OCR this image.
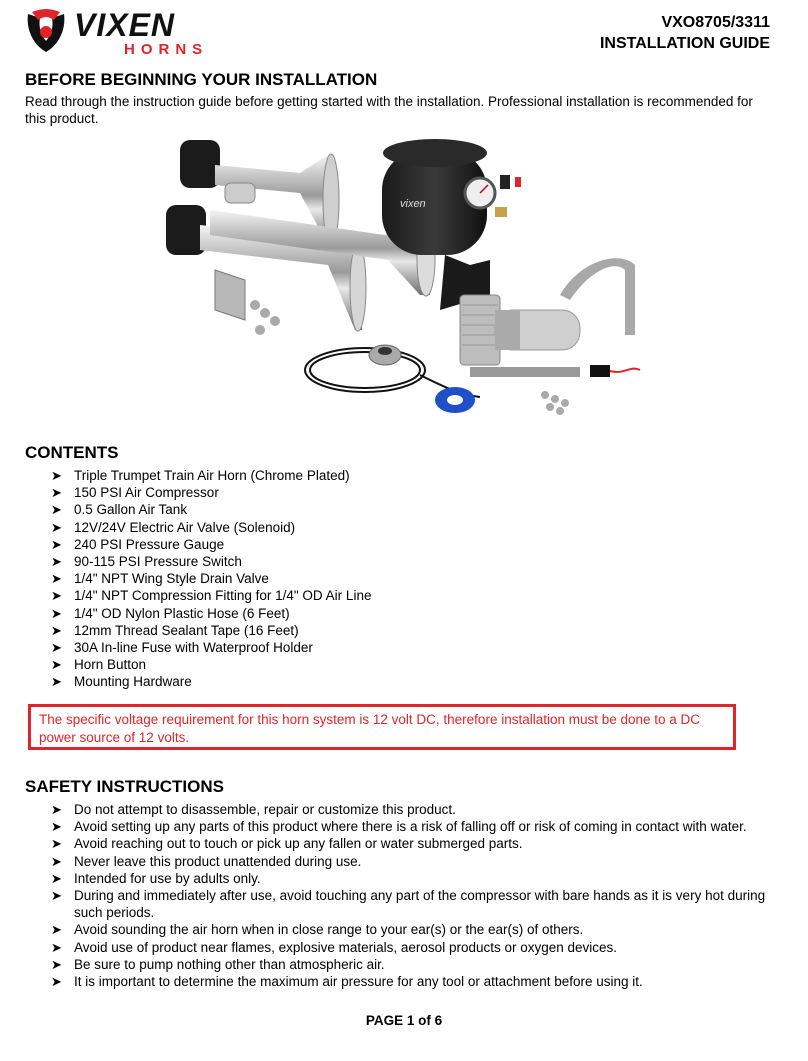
VIXEN
HORNS
VXO8705/3311
INSTALLATION GUIDE
BEFORE BEGINNING YOUR INSTALLATION

Read through the instruction guide before getting started with the installation. Professional installation is recommended for this product.

vixen
CONTENTS
➤ Triple Trumpet Train Air Horn (Chrome Plated)
➤ 150 PSI Air Compressor
➤ 0.5 Gallon Air Tank
➤ 12V/24V Electric Air Valve (Solenoid)
➤ 240 PSI Pressure Gauge
➤ 90-115 PSI Pressure Switch
➤ 1/4" NPT Wing Style Drain Valve
➤ 1/4" NPT Compression Fitting for 1/4" OD Air Line
➤ 1/4" OD Nylon Plastic Hose (6 Feet)
➤ 12mm Thread Sealant Tape (16 Feet)
➤ 30A In-line Fuse with Waterproof Holder
➤ Horn Button
➤ Mounting Hardware

The specific voltage requirement for this horn system is 12 volt DC, therefore installation must be done to a DC power source of 12 volts.

SAFETY INSTRUCTIONS
➤ Do not attempt to disassemble, repair or customize this product.
➤ Avoid setting up any parts of this product where there is a risk of falling off or risk of coming in contact with water.
➤ Avoid reaching out to touch or pick up any fallen or water submerged parts.
➤ Never leave this product unattended during use.
➤ Intended for use by adults only.
➤ During and immediately after use, avoid touching any part of the compressor with bare hands as it is very hot during such periods.
➤ Avoid sounding the air horn when in close range to your ear(s) or the ear(s) of others.
➤ Avoid use of product near flames, explosive materials, aerosol products or oxygen devices.
➤ Be sure to pump nothing other than atmospheric air.
➤ It is important to determine the maximum air pressure for any tool or attachment before using it.
PAGE 1 of 6
